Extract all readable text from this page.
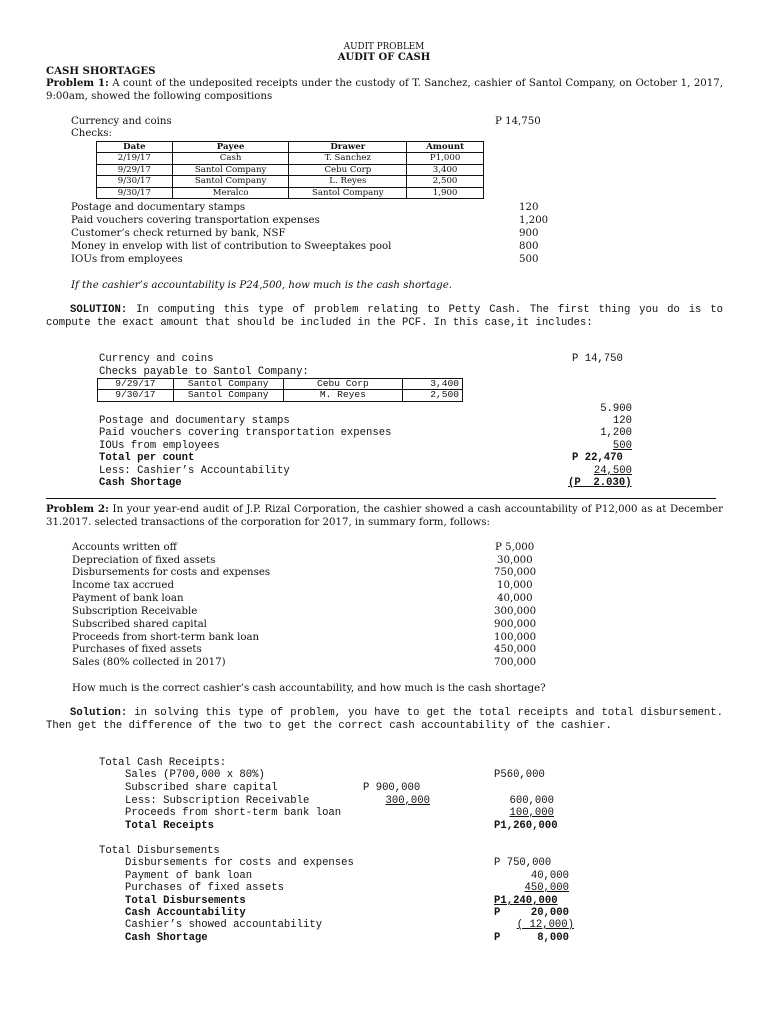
AUDIT PROBLEM
AUDIT OF CASH
CASH SHORTAGES
Problem 1: A count of the undeposited receipts under the custody of T. Sanchez, cashier of Santol Company, on October 1, 2017, 9:00am, showed the following compositions
Currency and coins	P 14,750
Checks:
Date	Payee	Drawer	Amount
2/19/17	Cash	T. Sanchez	P1,000
9/29/17	Santol Company	Cebu Corp	3,400
9/30/17	Santol Company	L. Reyes	2,500
9/30/17	Meralco	Santol Company	1,900
Postage and documentary stamps	120
Paid vouchers covering transportation expenses	1,200
Customer’s check returned by bank, NSF	900
Money in envelop with list of contribution to Sweeptakes pool	800
IOUs from employees	500
If the cashier’s accountability is P24,500, how much is the cash shortage.
SOLUTION: In computing this type of problem relating to Petty Cash. The first thing you do is to compute the exact amount that should be included in the PCF. In this case,it includes:
Currency and coins	P 14,750
Checks payable to Santol Company:
9/29/17	Santol Company	Cebu Corp	3,400
9/30/17	Santol Company	M. Reyes	2,500
5.900
Postage and documentary stamps	120
Paid vouchers covering transportation expenses	1,200
IOUs from employees	500
Total per count	P 22,470
Less: Cashier’s Accountability	24,500
Cash Shortage	(P  2.030)
Problem 2: In your year-end audit of J.P. Rizal Corporation, the cashier showed a cash accountability of P12,000 as at December 31.2017. selected transactions of the corporation for 2017, in summary form, follows:
Accounts written off	P 5,000
Depreciation of fixed assets	30,000
Disbursements for costs and expenses	750,000
Income tax accrued	10,000
Payment of bank loan	40,000
Subscription Receivable	300,000
Subscribed shared capital	900,000
Proceeds from short-term bank loan	100,000
Purchases of fixed assets	450,000
Sales (80% collected in 2017)	700,000
How much is the correct cashier’s cash accountability, and how much is the cash shortage?
Solution: in solving this type of problem, you have to get the total receipts and total disbursement. Then get the difference of the two to get the correct cash accountability of the cashier.
Total Cash Receipts:
Sales (P700,000 x 80%)	P560,000
Subscribed share capital	P 900,000
Less: Subscription Receivable	300,000	600,000
Proceeds from short-term bank loan	100,000
Total Receipts	P1,260,000
Total Disbursements
Disbursements for costs and expenses	P 750,000
Payment of bank loan	40,000
Purchases of fixed assets	450,000
Total Disbursements	P1,240,000
Cash Accountability	P	20,000
Cashier’s showed accountability	( 12,000)
Cash Shortage	P	8,000
